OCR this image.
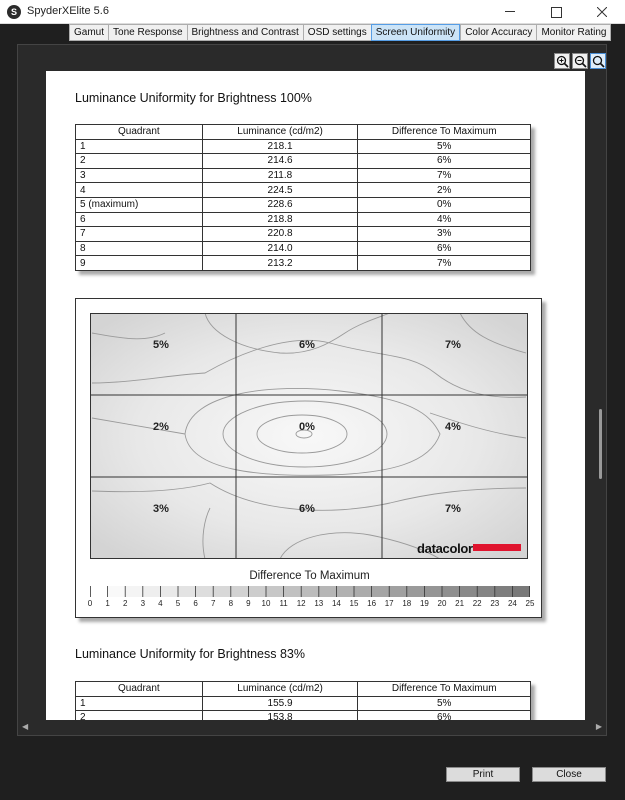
S SpyderXElite 5.6
Gamut Tone Response Brightness and Contrast OSD settings Screen Uniformity	Color Accuracy Monitor Rating
Luminance Uniformity for Brightness 100%
Quadrant	Luminance (cd/m2)	Difference To Maximum
1	218.1	5%
2	214.6	6%
3	211.8	7%
4	224.5	2%
5 (maximum)	228.6	0%
6	218.8	4%
7	220.8	3%
8	214.0	6%
9	213.2	7%
5%	6%	7%
2%	0%	4%
3%	6%	7%
datacolor
Difference To Maximum
0	1	2	3	4	5	6	7	8	9	10	11	12	13	14	15	16	17	18	19	20	21	22	23	24	25
Luminance Uniformity for Brightness 83%
Quadrant	Luminance (cd/m2)	Difference To Maximum
1	155.9	5%
2	153.8	6%
◀	▶
Print	Close
